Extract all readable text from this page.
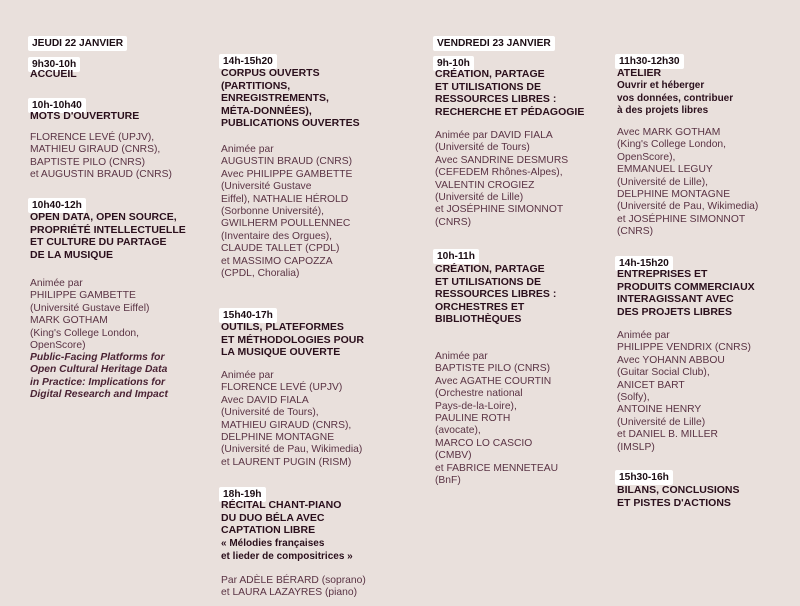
JEUDI 22 JANVIER
9h30-10h
ACCUEIL
10h-10h40
MOTS D'OUVERTURE
FLORENCE LEVÉ (UPJV),
MATHIEU GIRAUD (CNRS),
BAPTISTE PILO (CNRS)
et AUGUSTIN BRAUD (CNRS)
10h40-12h
OPEN DATA, OPEN SOURCE,
PROPRIÉTÉ INTELLECTUELLE
ET CULTURE DU PARTAGE
DE LA MUSIQUE
Animée par
PHILIPPE GAMBETTE
(Université Gustave Eiffel)
MARK GOTHAM
(King's College London,
OpenScore)
Public-Facing Platforms for
Open Cultural Heritage Data
in Practice: Implications for
Digital Research and Impact
14h-15h20
CORPUS OUVERTS
(PARTITIONS,
ENREGISTREMENTS,
MÉTA-DONNÉES),
PUBLICATIONS OUVERTES
Animée par
AUGUSTIN BRAUD (CNRS)
Avec PHILIPPE GAMBETTE
(Université Gustave
Eiffel), NATHALIE HÉROLD
(Sorbonne Université),
GWILHERM POULLENNEC
(Inventaire des Orgues),
CLAUDE TALLET (CPDL)
et MASSIMO CAPOZZA
(CPDL, Choralia)
15h40-17h
OUTILS, PLATEFORMES
ET MÉTHODOLOGIES POUR
LA MUSIQUE OUVERTE
Animée par
FLORENCE LEVÉ (UPJV)
Avec DAVID FIALA
(Université de Tours),
MATHIEU GIRAUD (CNRS),
DELPHINE MONTAGNE
(Université de Pau, Wikimedia)
et LAURENT PUGIN (RISM)
18h-19h
RÉCITAL CHANT-PIANO
DU DUO BÉLA AVEC
CAPTATION LIBRE
« Mélodies françaises
et lieder de compositrices »
Par ADÈLE BÉRARD (soprano)
et LAURA LAZAYRES (piano)
VENDREDI 23 JANVIER
9h-10h
CRÉATION, PARTAGE
ET UTILISATIONS DE
RESSOURCES LIBRES :
RECHERCHE ET PÉDAGOGIE
Animée par DAVID FIALA
(Université de Tours)
Avec SANDRINE DESMURS
(CEFEDEM Rhônes-Alpes),
VALENTIN CROGIEZ
(Université de Lille)
et JOSÉPHINE SIMONNOT
(CNRS)
10h-11h
CRÉATION, PARTAGE
ET UTILISATIONS DE
RESSOURCES LIBRES :
ORCHESTRES ET
BIBLIOTHÈQUES
Animée par
BAPTISTE PILO (CNRS)
Avec AGATHE COURTIN
(Orchestre national
Pays-de-la-Loire),
PAULINE ROTH
(avocate),
MARCO LO CASCIO
(CMBV)
et FABRICE MENNETEAU
(BnF)
11h30-12h30
ATELIER
Ouvrir et héberger
vos données, contribuer
à des projets libres
Avec MARK GOTHAM
(King's College London,
OpenScore),
EMMANUEL LEGUY
(Université de Lille),
DELPHINE MONTAGNE
(Université de Pau, Wikimedia)
et JOSÉPHINE SIMONNOT
(CNRS)
14h-15h20
ENTREPRISES ET
PRODUITS COMMERCIAUX
INTERAGISSANT AVEC
DES PROJETS LIBRES
Animée par
PHILIPPE VENDRIX (CNRS)
Avec YOHANN ABBOU
(Guitar Social Club),
ANICET BART
(Solfy),
ANTOINE HENRY
(Université de Lille)
et DANIEL B. MILLER
(IMSLP)
15h30-16h
BILANS, CONCLUSIONS
ET PISTES D'ACTIONS
